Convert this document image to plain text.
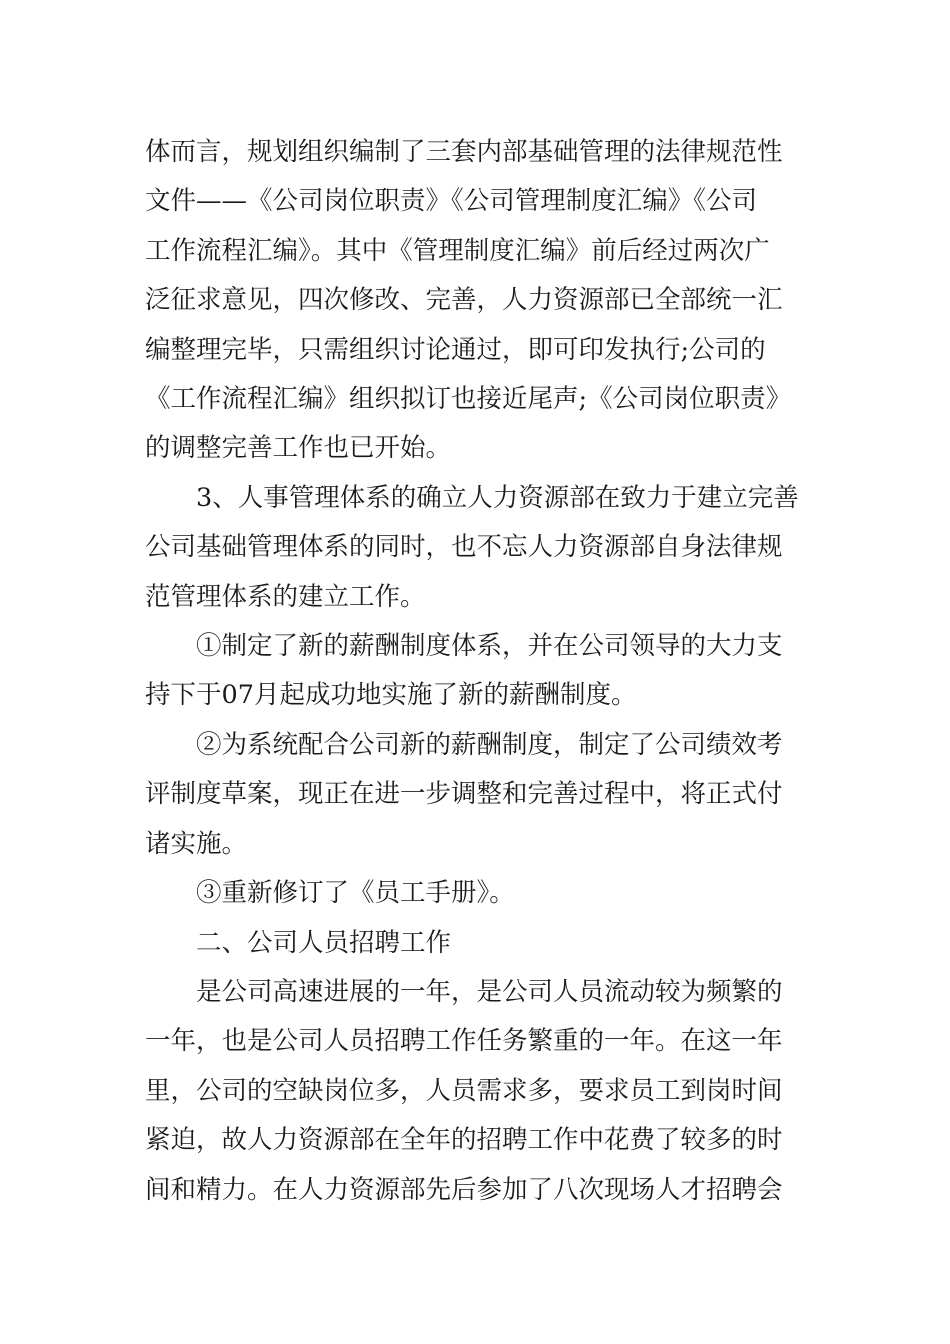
体而言，规划组织编制了三套内部基础管理的法律规范性
文件——《公司岗位职责》《公司管理制度汇编》《公司
工作流程汇编》。其中《管理制度汇编》前后经过两次广
泛征求意见，四次修改、完善，人力资源部已全部统一汇
编整理完毕，只需组织讨论通过，即可印发执行;公司的
《工作流程汇编》组织拟订也接近尾声;《公司岗位职责》
的调整完善工作也已开始。

3、人事管理体系的确立人力资源部在致力于建立完善
公司基础管理体系的同时，也不忘人力资源部自身法律规
范管理体系的建立工作。

①制定了新的薪酬制度体系，并在公司领导的大力支
持下于07月起成功地实施了新的薪酬制度。

②为系统配合公司新的薪酬制度，制定了公司绩效考
评制度草案，现正在进一步调整和完善过程中，将正式付
诸实施。

③重新修订了《员工手册》。

二、公司人员招聘工作

是公司高速进展的一年，是公司人员流动较为频繁的
一年，也是公司人员招聘工作任务繁重的一年。在这一年
里，公司的空缺岗位多，人员需求多，要求员工到岗时间
紧迫，故人力资源部在全年的招聘工作中花费了较多的时
间和精力。在人力资源部先后参加了八次现场人才招聘会
